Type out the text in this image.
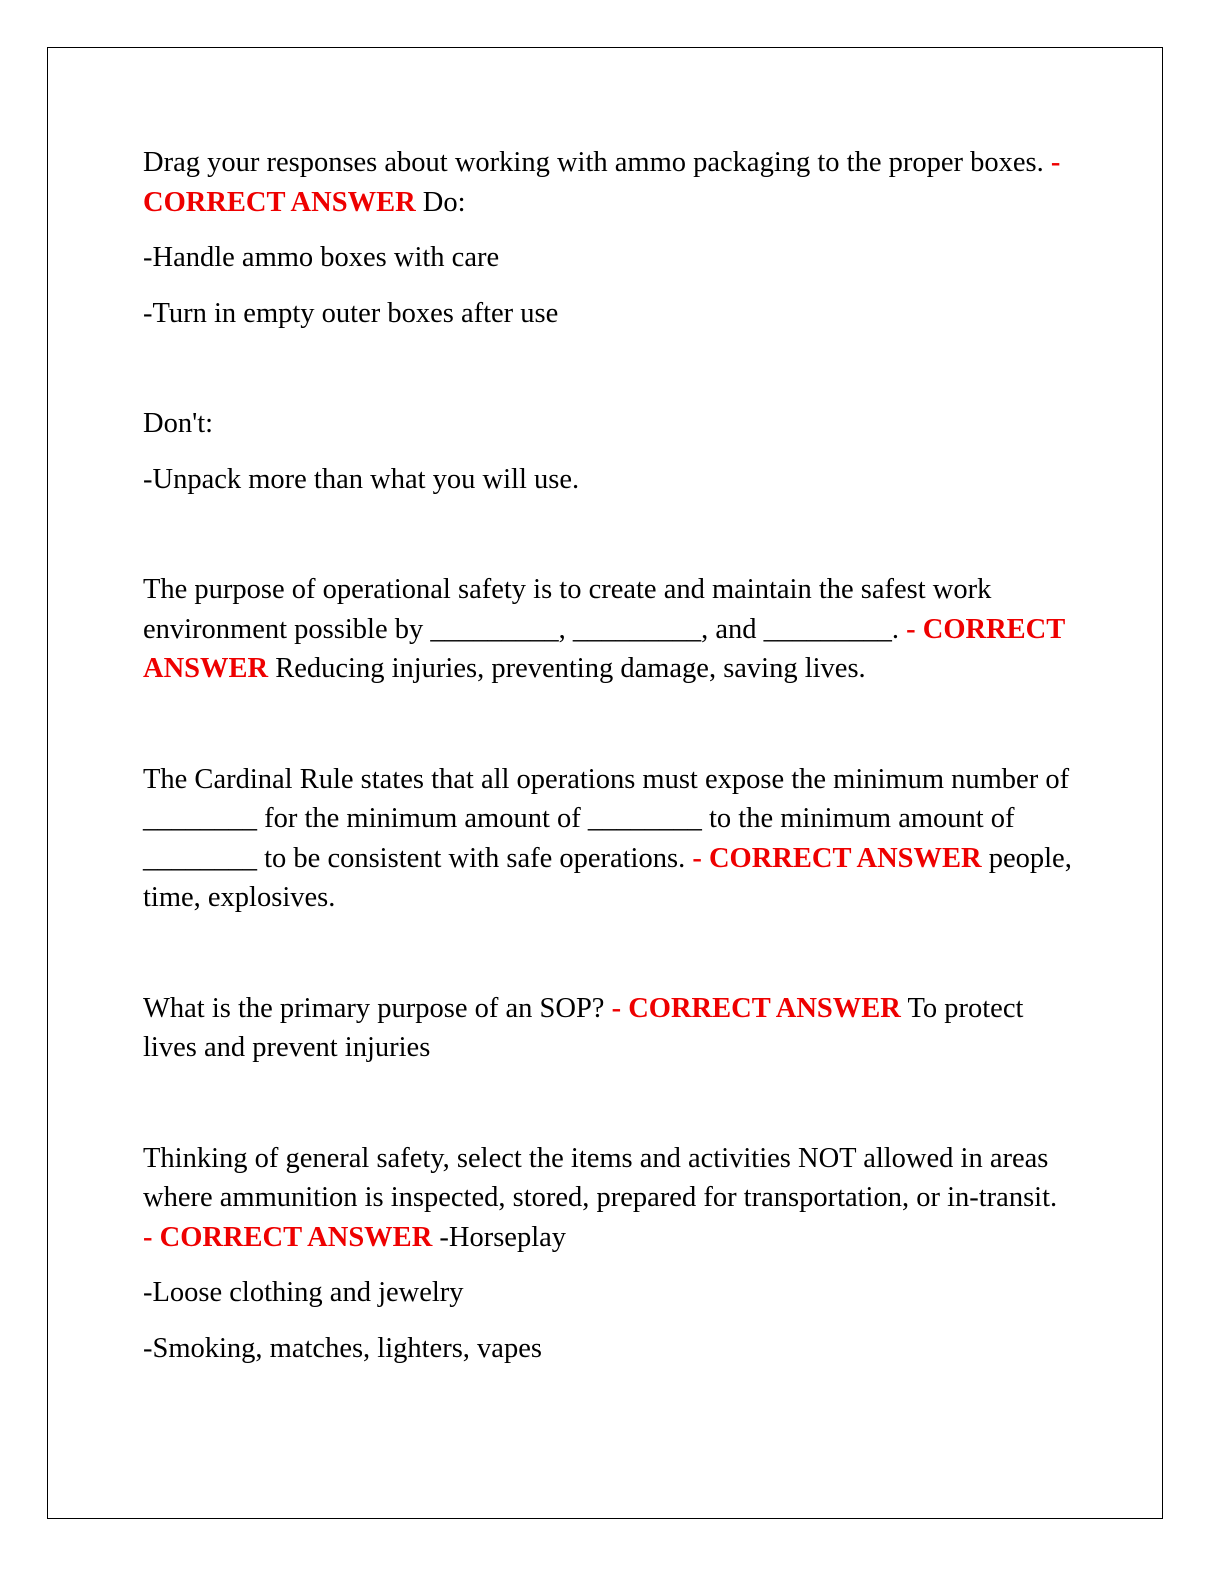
Drag your responses about working with ammo packaging to the proper boxes. - CORRECT ANSWER Do:

-Handle ammo boxes with care

-Turn in empty outer boxes after use

Don't:

-Unpack more than what you will use.

The purpose of operational safety is to create and maintain the safest work environment possible by _________, _________, and _________. - CORRECT ANSWER Reducing injuries, preventing damage, saving lives.

The Cardinal Rule states that all operations must expose the minimum number of ________ for the minimum amount of ________ to the minimum amount of ________ to be consistent with safe operations. - CORRECT ANSWER people, time, explosives.

What is the primary purpose of an SOP? - CORRECT ANSWER To protect lives and prevent injuries

Thinking of general safety, select the items and activities NOT allowed in areas where ammunition is inspected, stored, prepared for transportation, or in-transit. - CORRECT ANSWER -Horseplay

-Loose clothing and jewelry

-Smoking, matches, lighters, vapes
